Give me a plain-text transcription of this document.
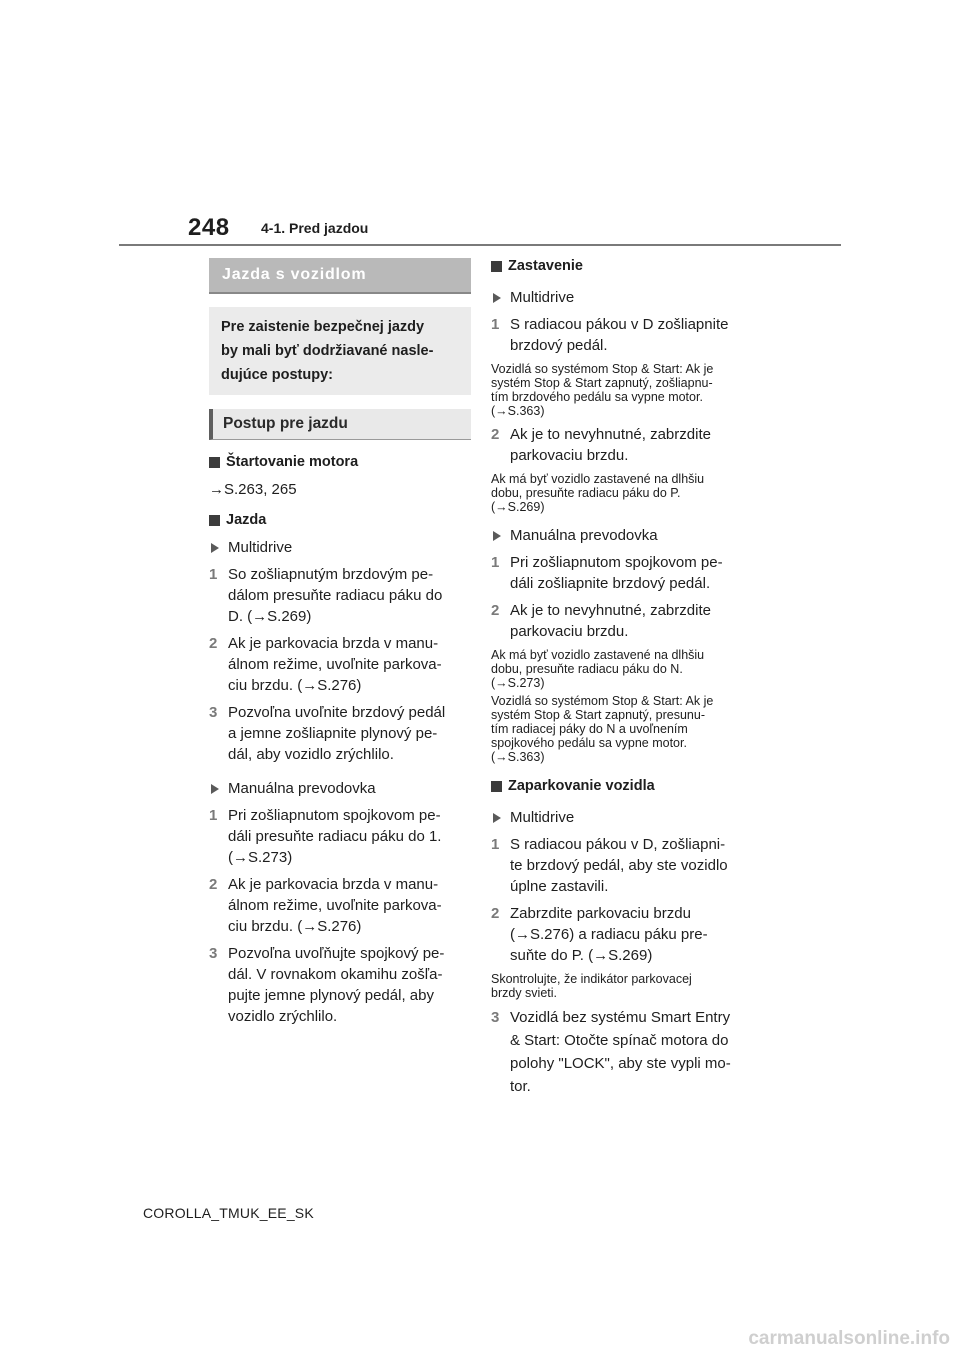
248 4-1. Pred jazdou
Jazda s vozidlom
Pre zaistenie bezpečnej jazdy
by mali byť dodržiavané nasle-
dujúce postupy:
Postup pre jazdu
Štartovanie motora
→S.263, 265
Jazda
Multidrive
1 So zošliapnutým brzdovým pe-
dálom presuňte radiacu páku do
D. (→S.269)
2 Ak je parkovacia brzda v manu-
álnom režime, uvoľnite parkova-
ciu brzdu. (→S.276)
3 Pozvoľna uvoľnite brzdový pedál
a jemne zošliapnite plynový pe-
dál, aby vozidlo zrýchlilo.
Manuálna prevodovka
1 Pri zošliapnutom spojkovom pe-
dáli presuňte radiacu páku do 1.
(→S.273)
2 Ak je parkovacia brzda v manu-
álnom režime, uvoľnite parkova-
ciu brzdu. (→S.276)
3 Pozvoľna uvoľňujte spojkový pe-
dál. V rovnakom okamihu zošľa-
pujte jemne plynový pedál, aby
vozidlo zrýchlilo.
Zastavenie
Multidrive
1 S radiacou pákou v D zošliapnite
brzdový pedál.
Vozidlá so systémom Stop & Start: Ak je
systém Stop & Start zapnutý, zošliapnu-
tím brzdového pedálu sa vypne motor.
(→S.363)
2 Ak je to nevyhnutné, zabrzdite
parkovaciu brzdu.
Ak má byť vozidlo zastavené na dlhšiu
dobu, presuňte radiacu páku do P.
(→S.269)
Manuálna prevodovka
1 Pri zošliapnutom spojkovom pe-
dáli zošliapnite brzdový pedál.
2 Ak je to nevyhnutné, zabrzdite
parkovaciu brzdu.
Ak má byť vozidlo zastavené na dlhšiu
dobu, presuňte radiacu páku do N.
(→S.273)
Vozidlá so systémom Stop & Start: Ak je
systém Stop & Start zapnutý, presunu-
tím radiacej páky do N a uvoľnením
spojkového pedálu sa vypne motor.
(→S.363)
Zaparkovanie vozidla
Multidrive
1 S radiacou pákou v D, zošliapni-
te brzdový pedál, aby ste vozidlo
úplne zastavili.
2 Zabrzdite parkovaciu brzdu
(→S.276) a radiacu páku pre-
suňte do P. (→S.269)
Skontrolujte, že indikátor parkovacej
brzdy svieti.
3 Vozidlá bez systému Smart Entry
& Start: Otočte spínač motora do
polohy "LOCK", aby ste vypli mo-
tor.
COROLLA_TMUK_EE_SK
carmanualsonline.info
